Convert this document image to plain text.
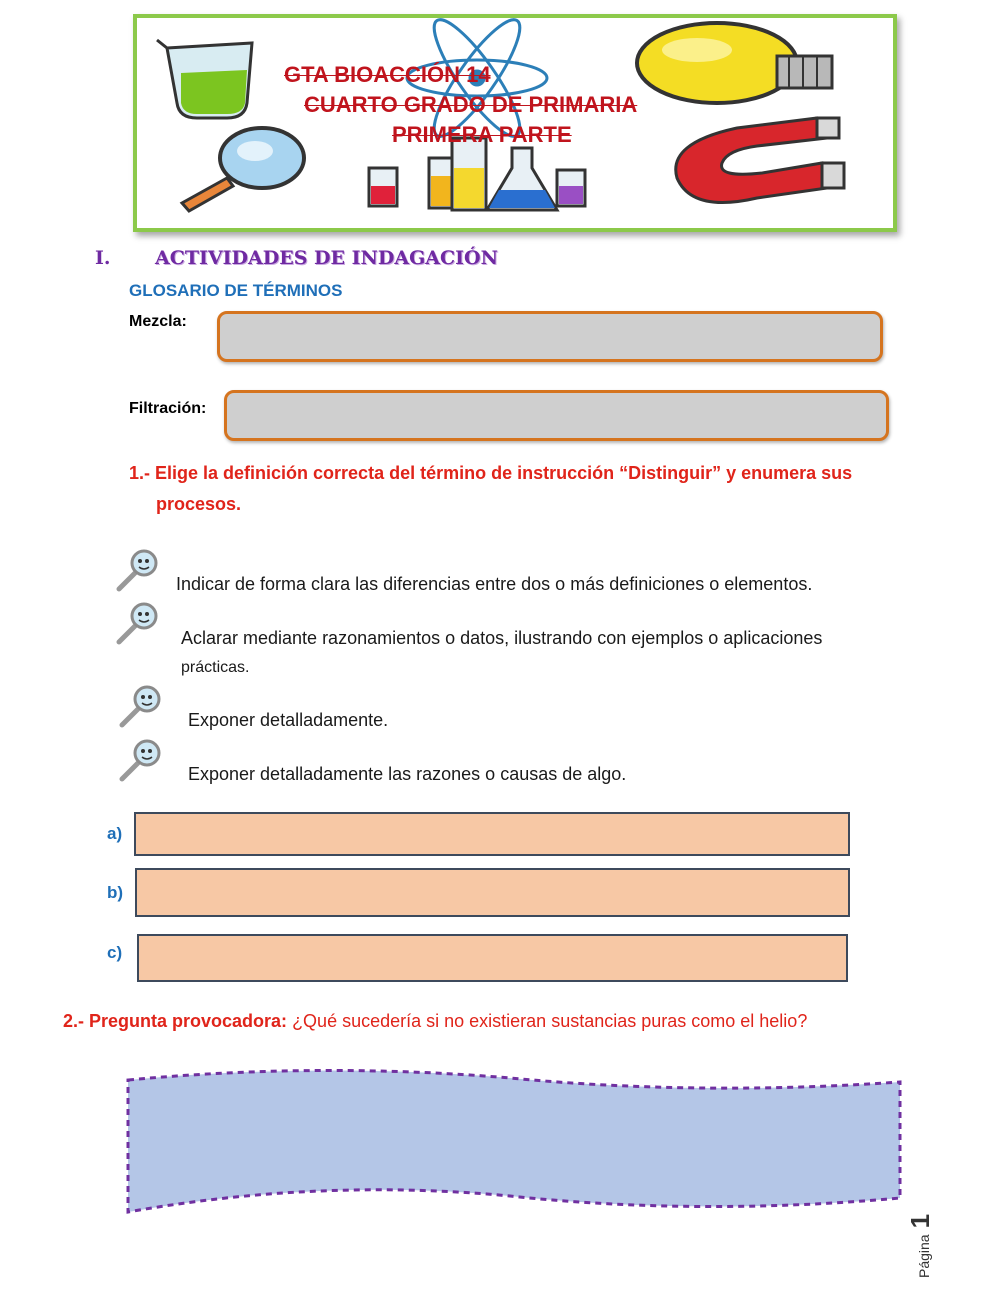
GTA BIOACCIÓN 14
CUARTO GRADO DE PRIMARIA
PRIMERA PARTE
I. ACTIVIDADES DE INDAGACIÓN
GLOSARIO DE TÉRMINOS
Mezcla:
Filtración:
1.- Elige la definición correcta del término de instrucción “Distinguir” y enumera sus
procesos.
Indicar de forma clara las diferencias entre dos o más definiciones o elementos.
Aclarar mediante razonamientos o datos, ilustrando con ejemplos o aplicaciones
prácticas.
Exponer detalladamente.
Exponer detalladamente las razones o causas de algo.
a)
b)
c)
2.- Pregunta provocadora: ¿Qué sucedería si no existieran sustancias puras como el helio?
Página1
